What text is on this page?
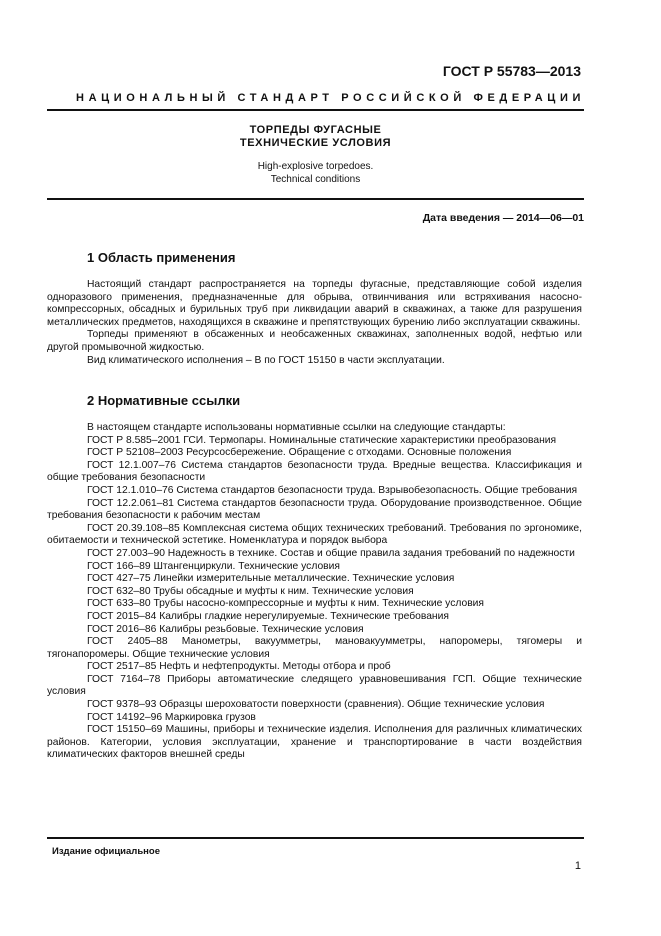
ГОСТ Р 55783—2013
НАЦИОНАЛЬНЫЙ СТАНДАРТ РОССИЙСКОЙ ФЕДЕРАЦИИ
ТОРПЕДЫ ФУГАСНЫЕ
ТЕХНИЧЕСКИЕ УСЛОВИЯ
High-explosive torpedoes.
Technical conditions
Дата введения — 2014—06—01
1 Область применения

Настоящий стандарт распространяется на торпеды фугасные, представляющие собой изделия одноразового применения, предназначенные для обрыва, отвинчивания или встряхивания насосно-компрессорных, обсадных и бурильных труб при ликвидации аварий в скважинах, а также для разрушения металлических предметов, находящихся в скважине и препятствующих бурению либо эксплуатации скважины.

Торпеды применяют в обсаженных и необсаженных скважинах, заполненных водой, нефтью или другой промывочной жидкостью.

Вид климатического исполнения – В по ГОСТ 15150 в части эксплуатации.

2 Нормативные ссылки

В настоящем стандарте использованы нормативные ссылки на следующие стандарты:

ГОСТ Р 8.585–2001 ГСИ. Термопары. Номинальные статические характеристики преобразования

ГОСТ Р 52108–2003 Ресурсосбережение. Обращение с отходами. Основные положения

ГОСТ 12.1.007–76 Система стандартов безопасности труда. Вредные вещества. Классификация и общие требования безопасности

ГОСТ 12.1.010–76 Система стандартов безопасности труда. Взрывобезопасность. Общие требования

ГОСТ 12.2.061–81 Система стандартов безопасности труда. Оборудование производственное. Общие требования безопасности к рабочим местам

ГОСТ 20.39.108–85 Комплексная система общих технических требований. Требования по эргономике, обитаемости и технической эстетике. Номенклатура и порядок выбора

ГОСТ 27.003–90 Надежность в технике. Состав и общие правила задания требований по надежности

ГОСТ 166–89 Штангенциркули. Технические условия

ГОСТ 427–75 Линейки измерительные металлические. Технические условия

ГОСТ 632–80 Трубы обсадные и муфты к ним. Технические условия

ГОСТ 633–80 Трубы насосно-компрессорные и муфты к ним. Технические условия

ГОСТ 2015–84 Калибры гладкие нерегулируемые. Технические требования

ГОСТ 2016–86 Калибры резьбовые. Технические условия

ГОСТ 2405–88 Манометры, вакуумметры, мановакуумметры, напоромеры, тягомеры и тягонапоромеры. Общие технические условия

ГОСТ 2517–85 Нефть и нефтепродукты. Методы отбора и проб

ГОСТ 7164–78 Приборы автоматические следящего уравновешивания ГСП. Общие технические условия

ГОСТ 9378–93 Образцы шероховатости поверхности (сравнения). Общие технические условия

ГОСТ 14192–96 Маркировка грузов

ГОСТ 15150–69 Машины, приборы и технические изделия. Исполнения для различных климатических районов. Категории, условия эксплуатации, хранение и транспортирование в части воздействия климатических факторов внешней среды

Издание официальное
1
